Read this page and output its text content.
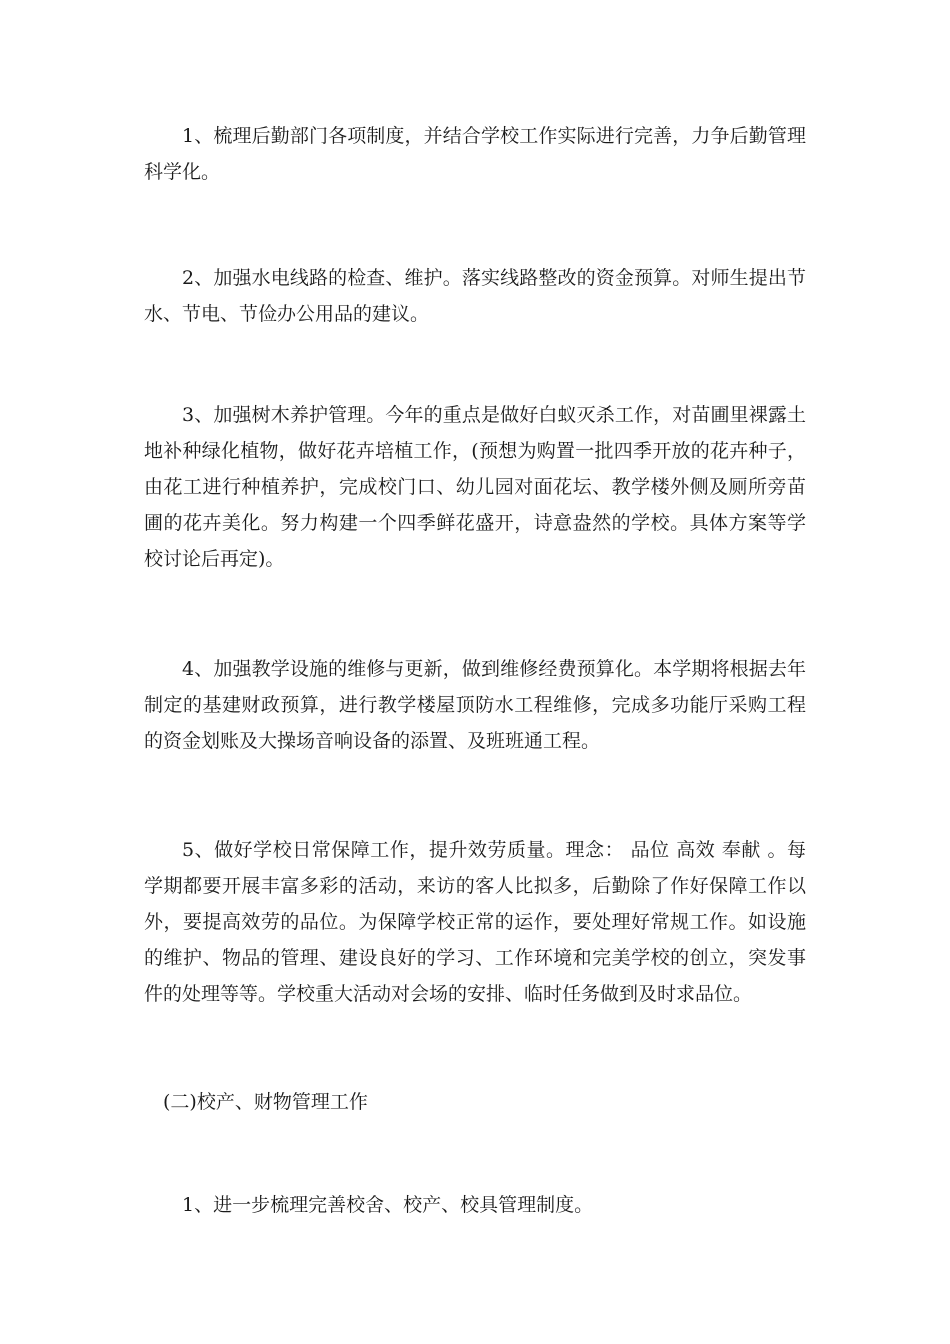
1、梳理后勤部门各项制度，并结合学校工作实际进行完善，力争后勤管理科学化。

2、加强水电线路的检查、维护。落实线路整改的资金预算。对师生提出节水、节电、节俭办公用品的建议。

3、加强树木养护管理。今年的重点是做好白蚁灭杀工作，对苗圃里裸露土地补种绿化植物，做好花卉培植工作，(预想为购置一批四季开放的花卉种子，由花工进行种植养护，完成校门口、幼儿园对面花坛、教学楼外侧及厕所旁苗圃的花卉美化。努力构建一个四季鲜花盛开，诗意盎然的学校。具体方案等学校讨论后再定)。

4、加强教学设施的维修与更新，做到维修经费预算化。本学期将根据去年制定的基建财政预算，进行教学楼屋顶防水工程维修，完成多功能厅采购工程的资金划账及大操场音响设备的添置、及班班通工程。

5、做好学校日常保障工作，提升效劳质量。理念： 品位 高效 奉献 。每学期都要开展丰富多彩的活动，来访的客人比拟多，后勤除了作好保障工作以外，要提高效劳的品位。为保障学校正常的运作，要处理好常规工作。如设施的维护、物品的管理、建设良好的学习、工作环境和完美学校的创立，突发事件的处理等等。学校重大活动对会场的安排、临时任务做到及时求品位。

(二)校产、财物管理工作

1、进一步梳理完善校舍、校产、校具管理制度。
